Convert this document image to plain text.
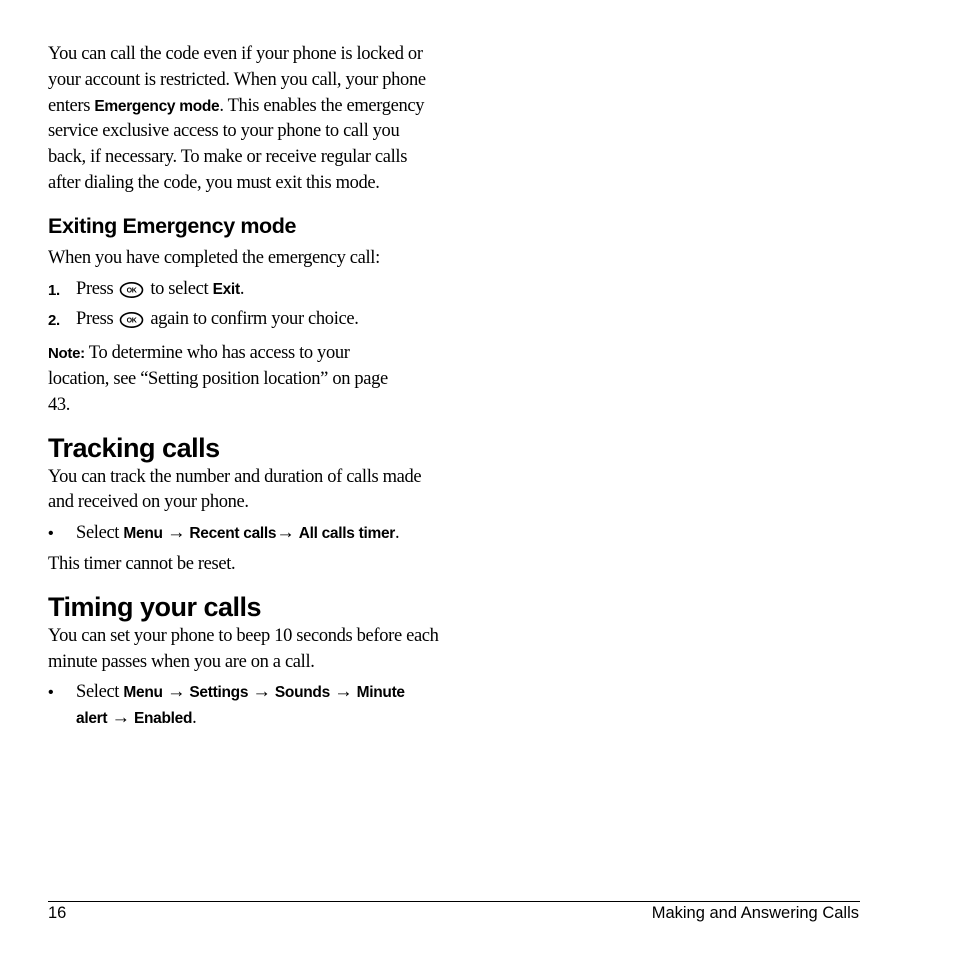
You can call the code even if your phone is locked or your account is restricted. When you call, your phone enters Emergency mode. This enables the emergency service exclusive access to your phone to call you back, if necessary. To make or receive regular calls after dialing the code, you must exit this mode.

Exiting Emergency mode

When you have completed the emergency call:

1. Press OK to select Exit.
2. Press OK again to confirm your choice.

Note: To determine who has access to your location, see “Setting position location” on page 43.

Tracking calls

You can track the number and duration of calls made and received on your phone.

• Select Menu → Recent calls→ All calls timer.

This timer cannot be reset.

Timing your calls

You can set your phone to beep 10 seconds before each minute passes when you are on a call.

• Select Menu → Settings → Sounds → Minute alert → Enabled.
16	Making and Answering Calls
